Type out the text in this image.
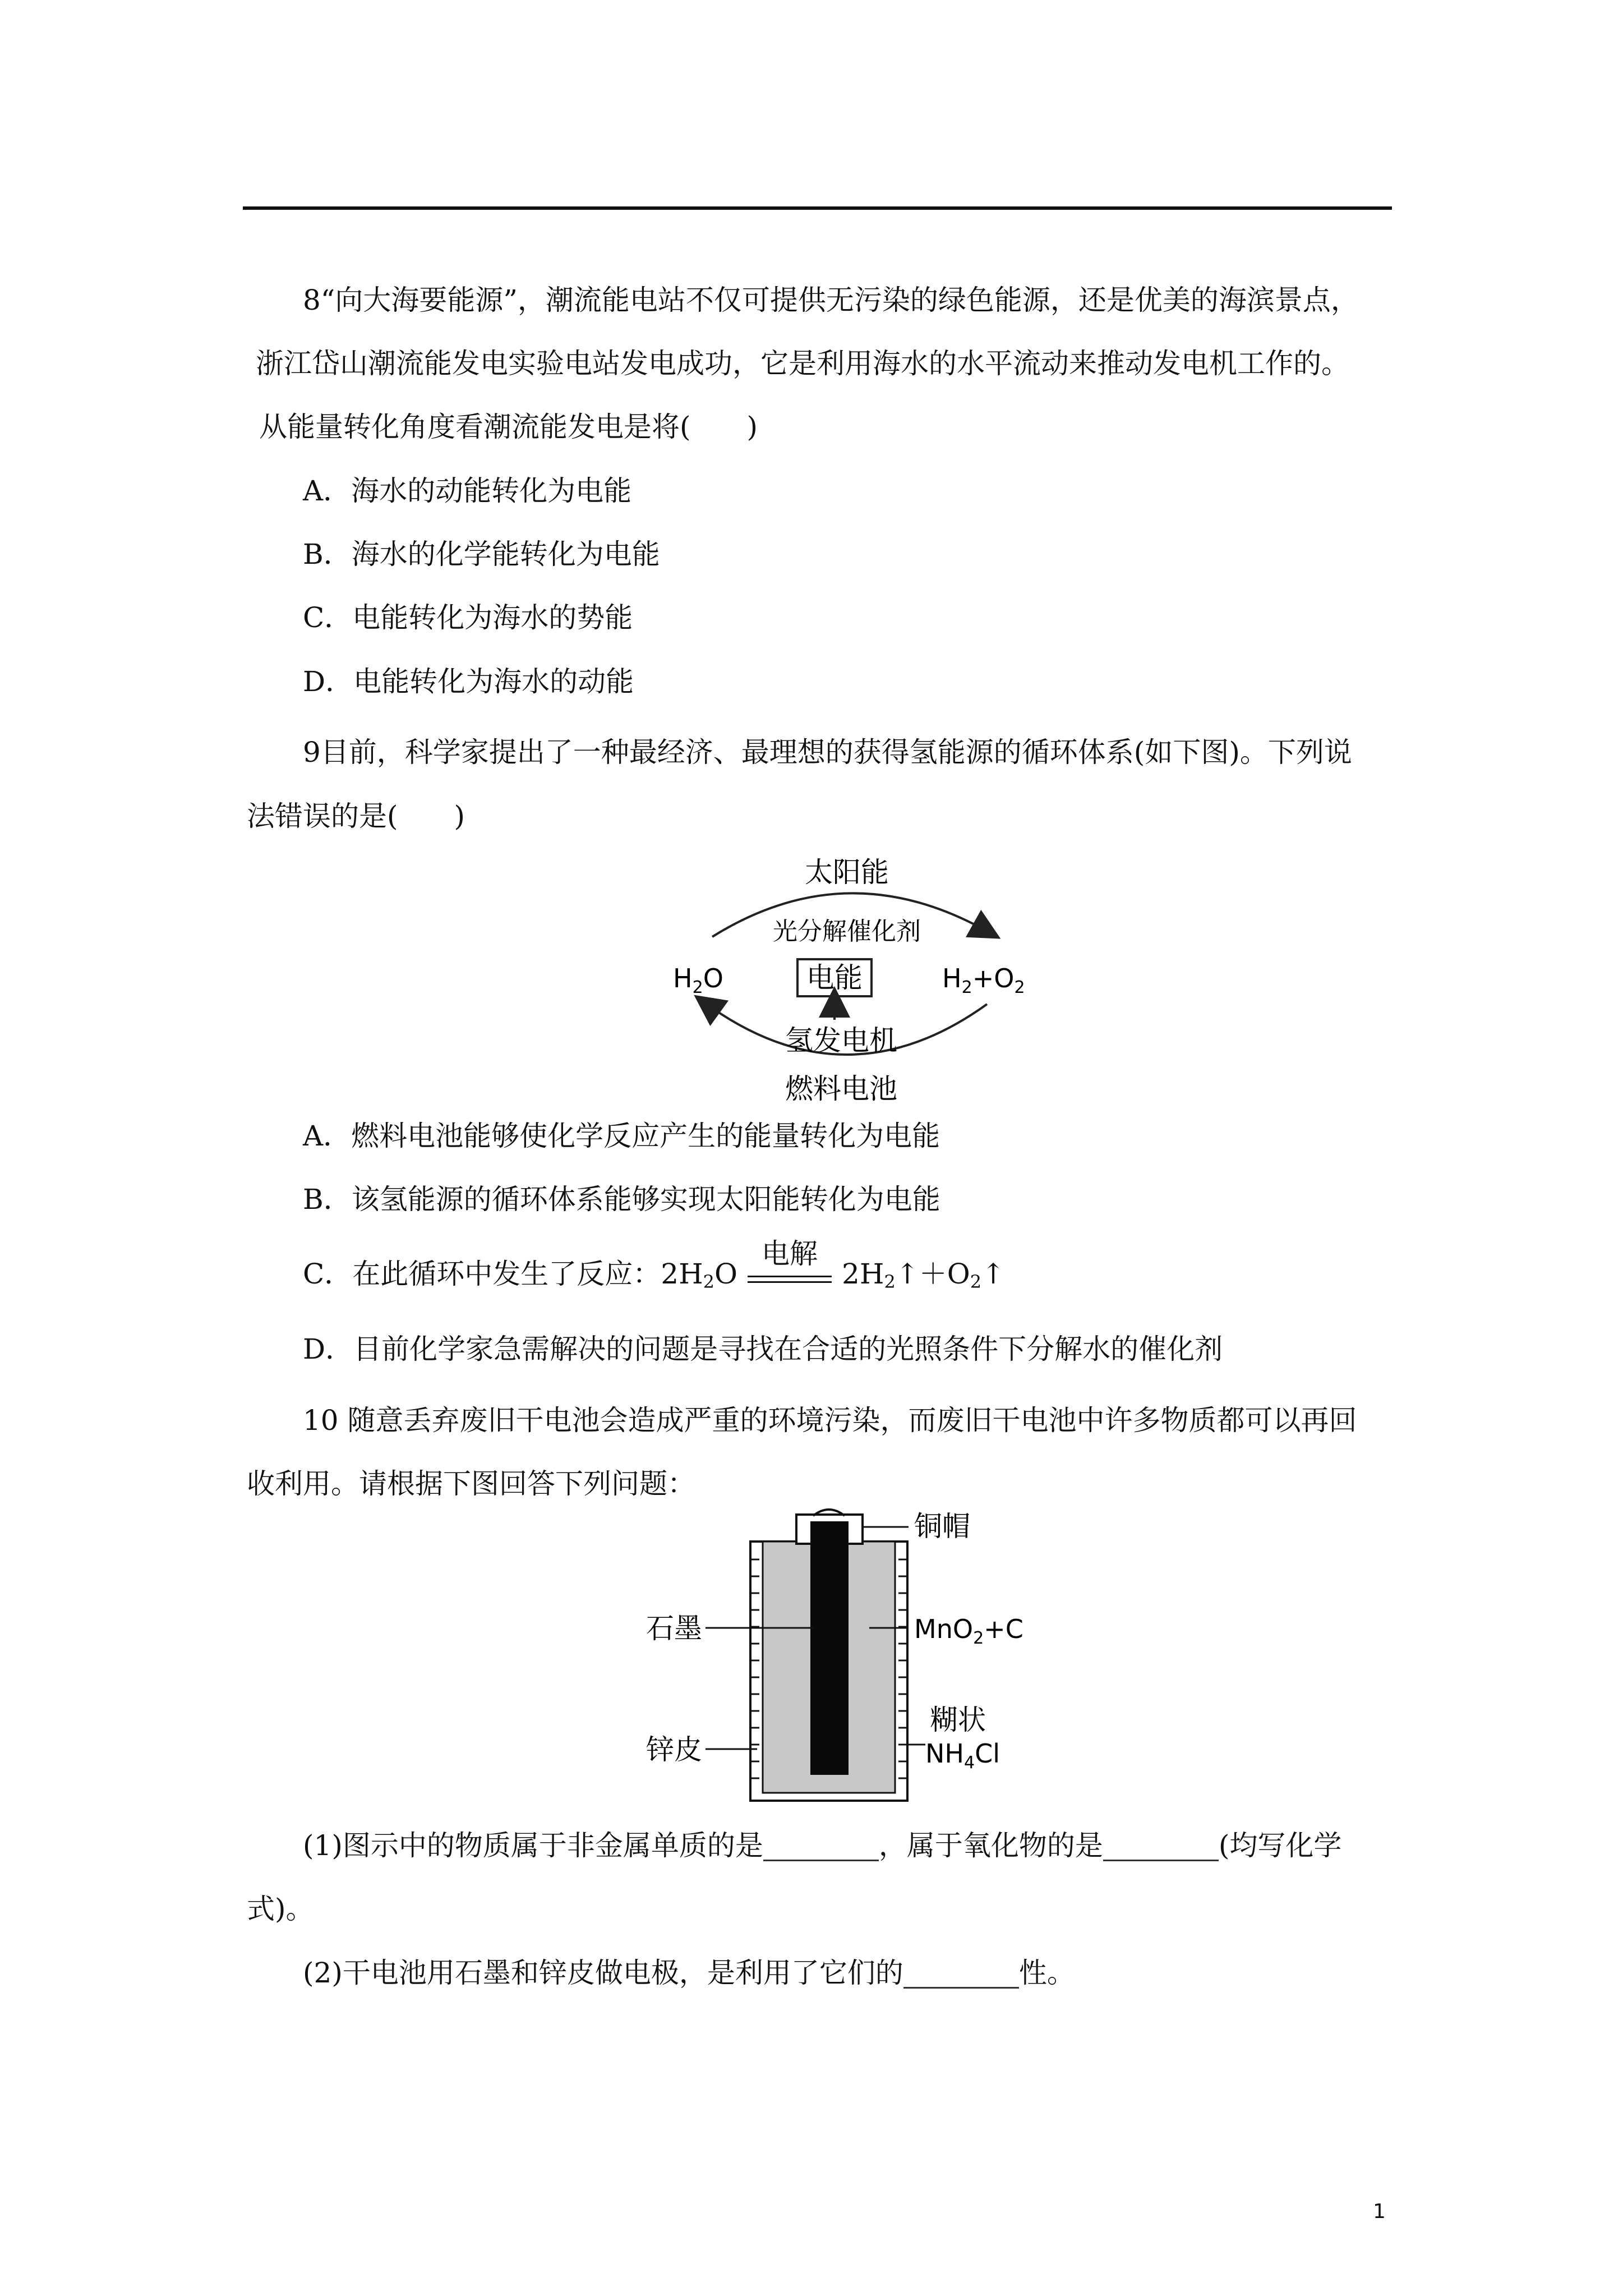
8“向大海要能源”，潮流能电站不仅可提供无污染的绿色能源，还是优美的海滨景点，
浙江岱山潮流能发电实验电站发电成功，它是利用海水的水平流动来推动发电机工作的。
从能量转化角度看潮流能发电是将(　　)
A．海水的动能转化为电能
B．海水的化学能转化为电能
C．电能转化为海水的势能
D．电能转化为海水的动能
9目前，科学家提出了一种最经济、最理想的获得氢能源的循环体系(如下图)。下列说
法错误的是(　　)
太阳能
光分解催化剂
$H_2O$	电能	$H_2+O_2$
氢发电机
燃料电池
A．燃料电池能够使化学反应产生的能量转化为电能
B．该氢能源的循环体系能够实现太阳能转化为电能
C．在此循环中发生了反应：$2H_2O$
电解
$2H_2↑+O_2↑$
D．目前化学家急需解决的问题是寻找在合适的光照条件下分解水的催化剂
10 随意丢弃废旧干电池会造成严重的环境污染，而废旧干电池中许多物质都可以再回
收利用。请根据下图回答下列问题：
铜帽
石墨	MnO$_2$+C
锌皮
糊状
$NH_4Cl$
(1)图示中的物质属于非金属单质的是	，属于氧化物的是	(均写化学
式)。
(2)干电池用石墨和锌皮做电极，是利用了它们的	性。
1
